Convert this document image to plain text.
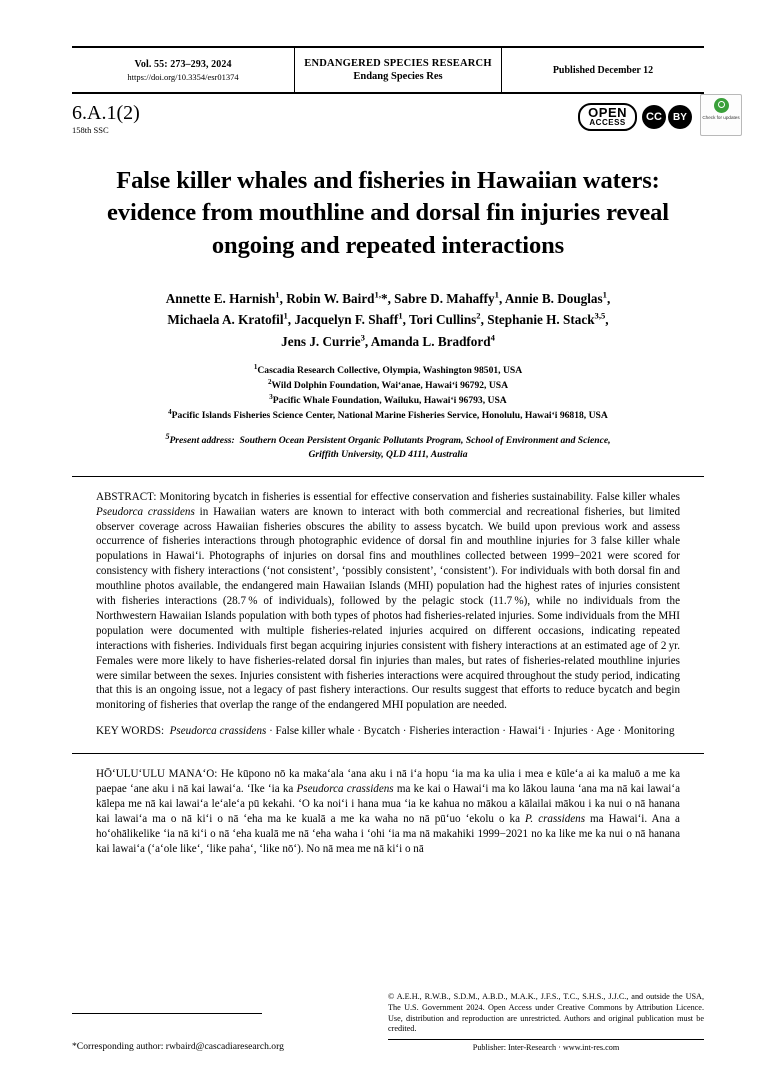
Vol. 55: 273–293, 2024
https://doi.org/10.3354/esr01374
ENDANGERED SPECIES RESEARCH
Endang Species Res
Published December 12
Check for updates
6.A.1(2)
158th SSC
OPEN
ACCESS	CC	BY
False killer whales and fisheries in Hawaiian waters: evidence from mouthline and dorsal fin injuries reveal ongoing and repeated interactions
Annette E. Harnish$^1$, Robin W. Baird$^{1,}$*, Sabre D. Mahaffy$^1$, Annie B. Douglas$^1$,
Michaela A. Kratofil$^1$, Jacquelyn F. Shaff$^1$, Tori Cullins$^2$, Stephanie H. Stack$^{3,5}$,
Jens J. Currie$^3$, Amanda L. Bradford$^4$
$^1$Cascadia Research Collective, Olympia, Washington 98501, USA
$^2$Wild Dolphin Foundation, Waiʻanae, Hawaiʻi 96792, USA
$^3$Pacific Whale Foundation, Wailuku, Hawaiʻi 96793, USA
$^4$Pacific Islands Fisheries Science Center, National Marine Fisheries Service, Honolulu, Hawaiʻi 96818, USA
$^5$Present address:  Southern Ocean Persistent Organic Pollutants Program, School of Environment and Science,
Griffith University, QLD 4111, Australia
ABSTRACT: Monitoring bycatch in fisheries is essential for effective conservation and fisheries sustainability. False killer whales Pseudorca crassidens in Hawaiian waters are known to interact with both commercial and recreational fisheries, but limited observer coverage across Hawaiian fisheries obscures the ability to assess bycatch. We build upon previous work and assess occurrence of fisheries interactions through photographic evidence of dorsal fin and mouthline injuries for 3 false killer whale populations in Hawaiʻi. Photographs of injuries on dorsal fins and mouthlines collected between 1999−2021 were scored for consistency with fishery interactions (‘not consistent’, ‘possibly consistent’, ‘consistent’). For individuals with both dorsal fin and mouthline photos available, the endangered main Hawaiian Islands (MHI) population had the highest rates of injuries consistent with fisheries interactions (28.7 % of individuals), followed by the pelagic stock (11.7 %), while no individuals from the Northwestern Hawaiian Islands population with both types of photos had fisheries-related injuries. Some individuals from the MHI population were documented with multiple fisheries-related injuries acquired on different occasions, indicating repeated interactions with fisheries. Individuals first began acquiring injuries consistent with fishery interactions at an estimated age of 2 yr. Females were more likely to have fisheries-related dorsal fin injuries than males, but rates of fisheries-related mouthline injuries were similar between the sexes. Injuries consistent with fisheries interactions were acquired throughout the study period, indicating that this is an ongoing issue, not a legacy of past fishery interactions. Our results suggest that efforts to reduce bycatch and begin monitoring of fisheries that overlap the range of the endangered MHI population are needed.
KEY WORDS:  Pseudorca crassidens · False killer whale · Bycatch · Fisheries interaction · Hawaiʻi · Injuries · Age · Monitoring
HŌʻULUʻULU MANAʻO: He kūpono nō ka makaʻala ʻana aku i nā iʻa hopu ʻia ma ka ulia i mea e kūleʻa ai ka maluō a me ka paepae ʻane aku i nā kai lawaiʻa. ʻIke ʻia ka Pseudorca crassidens ma ke kai o Hawaiʻi ma ko lākou launa ʻana ma nā kai lawaiʻa kālepa me nā kai lawaiʻa leʻaleʻa pū kekahi. ʻO ka noiʻi i hana mua ʻia ke kahua no mākou a kālailai mākou i ka nui o nā hanana kai lawaiʻa ma o nā kiʻi o nā ʻeha ma ke kualā a me ka waha no nā pūʻuo ʻekolu o ka P. crassidens ma Hawaiʻi. Ana a hoʻohālikelike ʻia nā kiʻi o nā ʻeha kualā me nā ʻeha waha i ʻohi ʻia ma nā makahiki 1999−2021 no ka like me ka nui o nā hanana kai lawaiʻa (ʻaʻole likeʻ, ʻlike pahaʻ, ʻlike nōʻ). No nā mea me nā kiʻi o nā
*Corresponding author: rwbaird@cascadiaresearch.org
© A.E.H., R.W.B., S.D.M., A.B.D., M.A.K., J.F.S., T.C., S.H.S., J.J.C., and outside the USA, The U.S. Government 2024. Open Access under Creative Commons by Attribution Licence. Use, distribution and reproduction are unrestricted. Authors and original publication must be credited.
Publisher: Inter-Research · www.int-res.com
